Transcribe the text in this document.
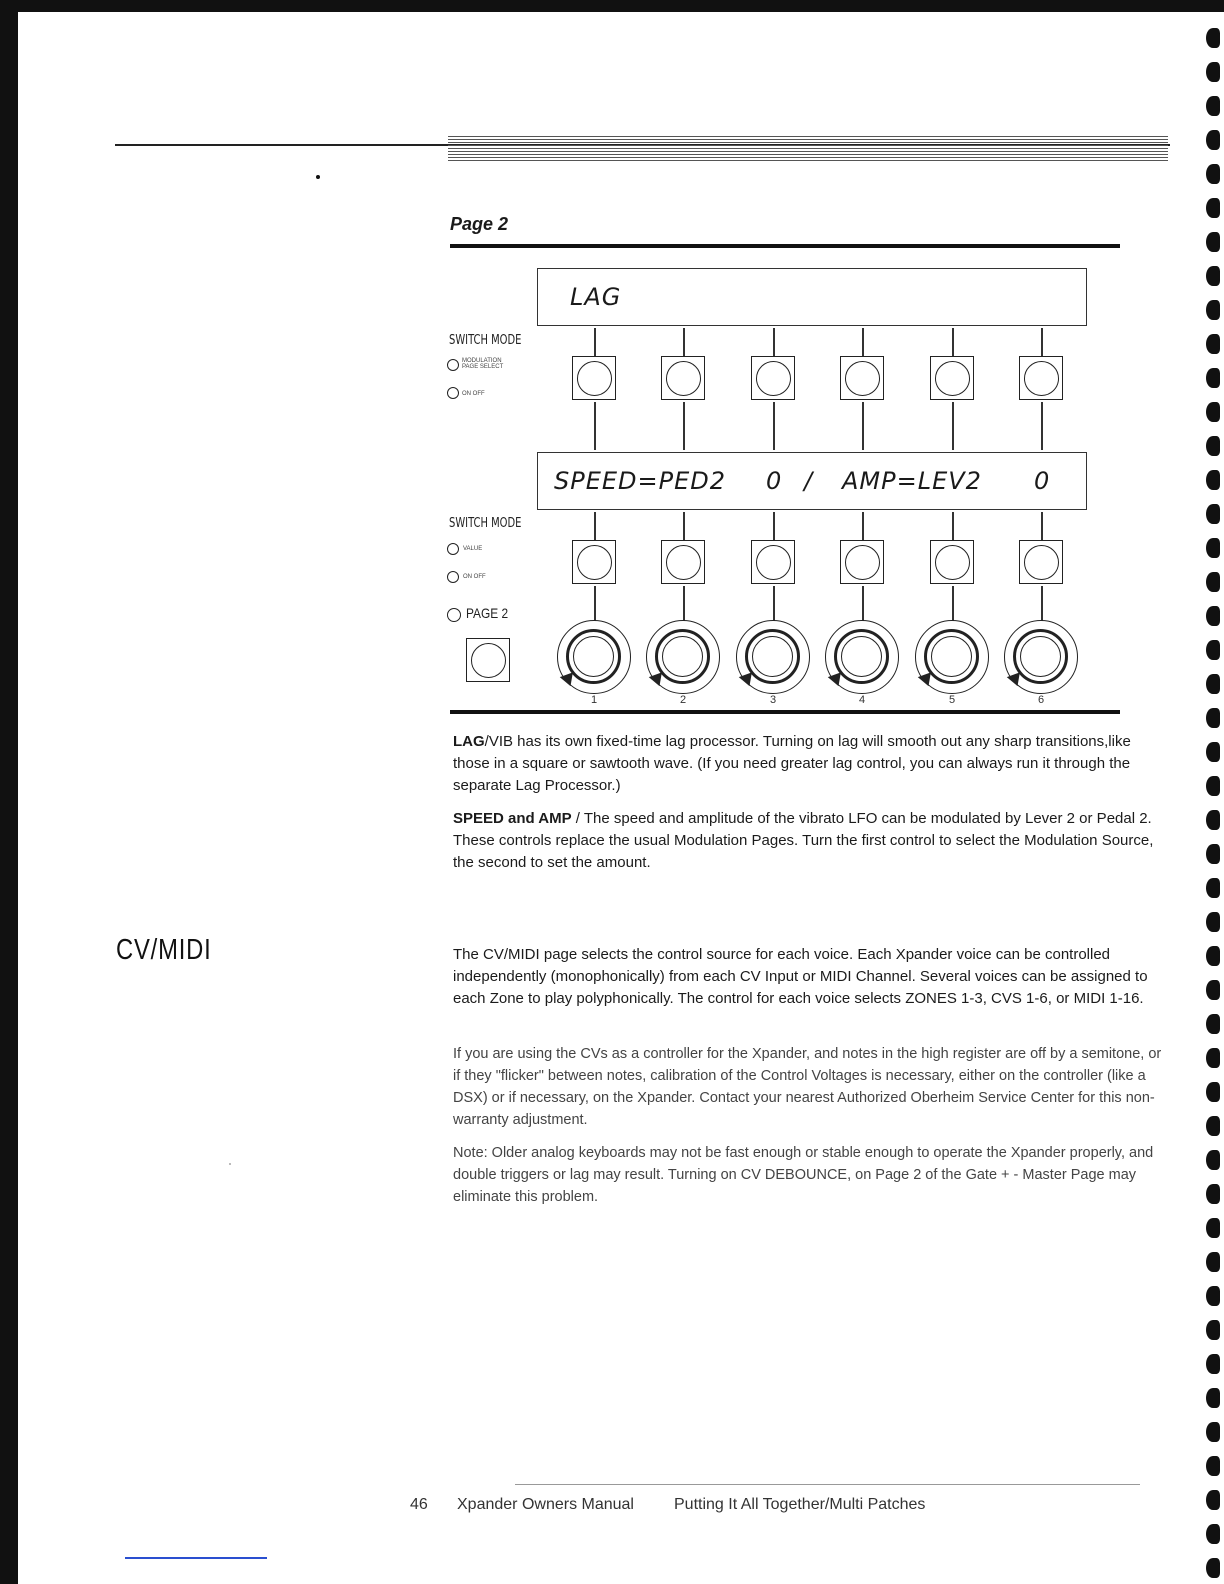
Page 2
LAG
SWITCH MODE
MODULATION PAGE SELECT
ON OFF
SPEED=PED2 0 / AMP=LEV2 0
SWITCH MODE
VALUE
ON OFF
PAGE 2
1	2	3	4	5	6
LAG/VIB has its own fixed-time lag processor. Turning on lag will smooth out any sharp transitions,like those in a square or sawtooth wave. (If you need greater lag control, you can always run it through the separate Lag Processor.)
SPEED and AMP / The speed and amplitude of the vibrato LFO can be modulated by Lever 2 or Pedal 2. These controls replace the usual Modulation Pages. Turn the first control to select the Modulation Source, the second to set the amount.
CV/MIDI	The CV/MIDI page selects the control source for each voice. Each Xpander voice can be controlled independently (monophonically) from each CV Input or MIDI Channel. Several voices can be assigned to each Zone to play polyphonically. The control for each voice selects ZONES 1-3, CVS 1-6, or MIDI 1-16.
If you are using the CVs as a controller for the Xpander, and notes in the high register are off by a semitone, or if they "flicker" between notes, calibration of the Control Voltages is necessary, either on the controller (like a DSX) or if necessary, on the Xpander. Contact your nearest Authorized Oberheim Service Center for this non-warranty adjustment.
Note: Older analog keyboards may not be fast enough or stable enough to operate the Xpander properly, and double triggers or lag may result. Turning on CV DEBOUNCE, on Page 2 of the Gate + - Master Page may eliminate this problem.
46 Xpander Owners Manual	Putting It All Together/Multi Patches
